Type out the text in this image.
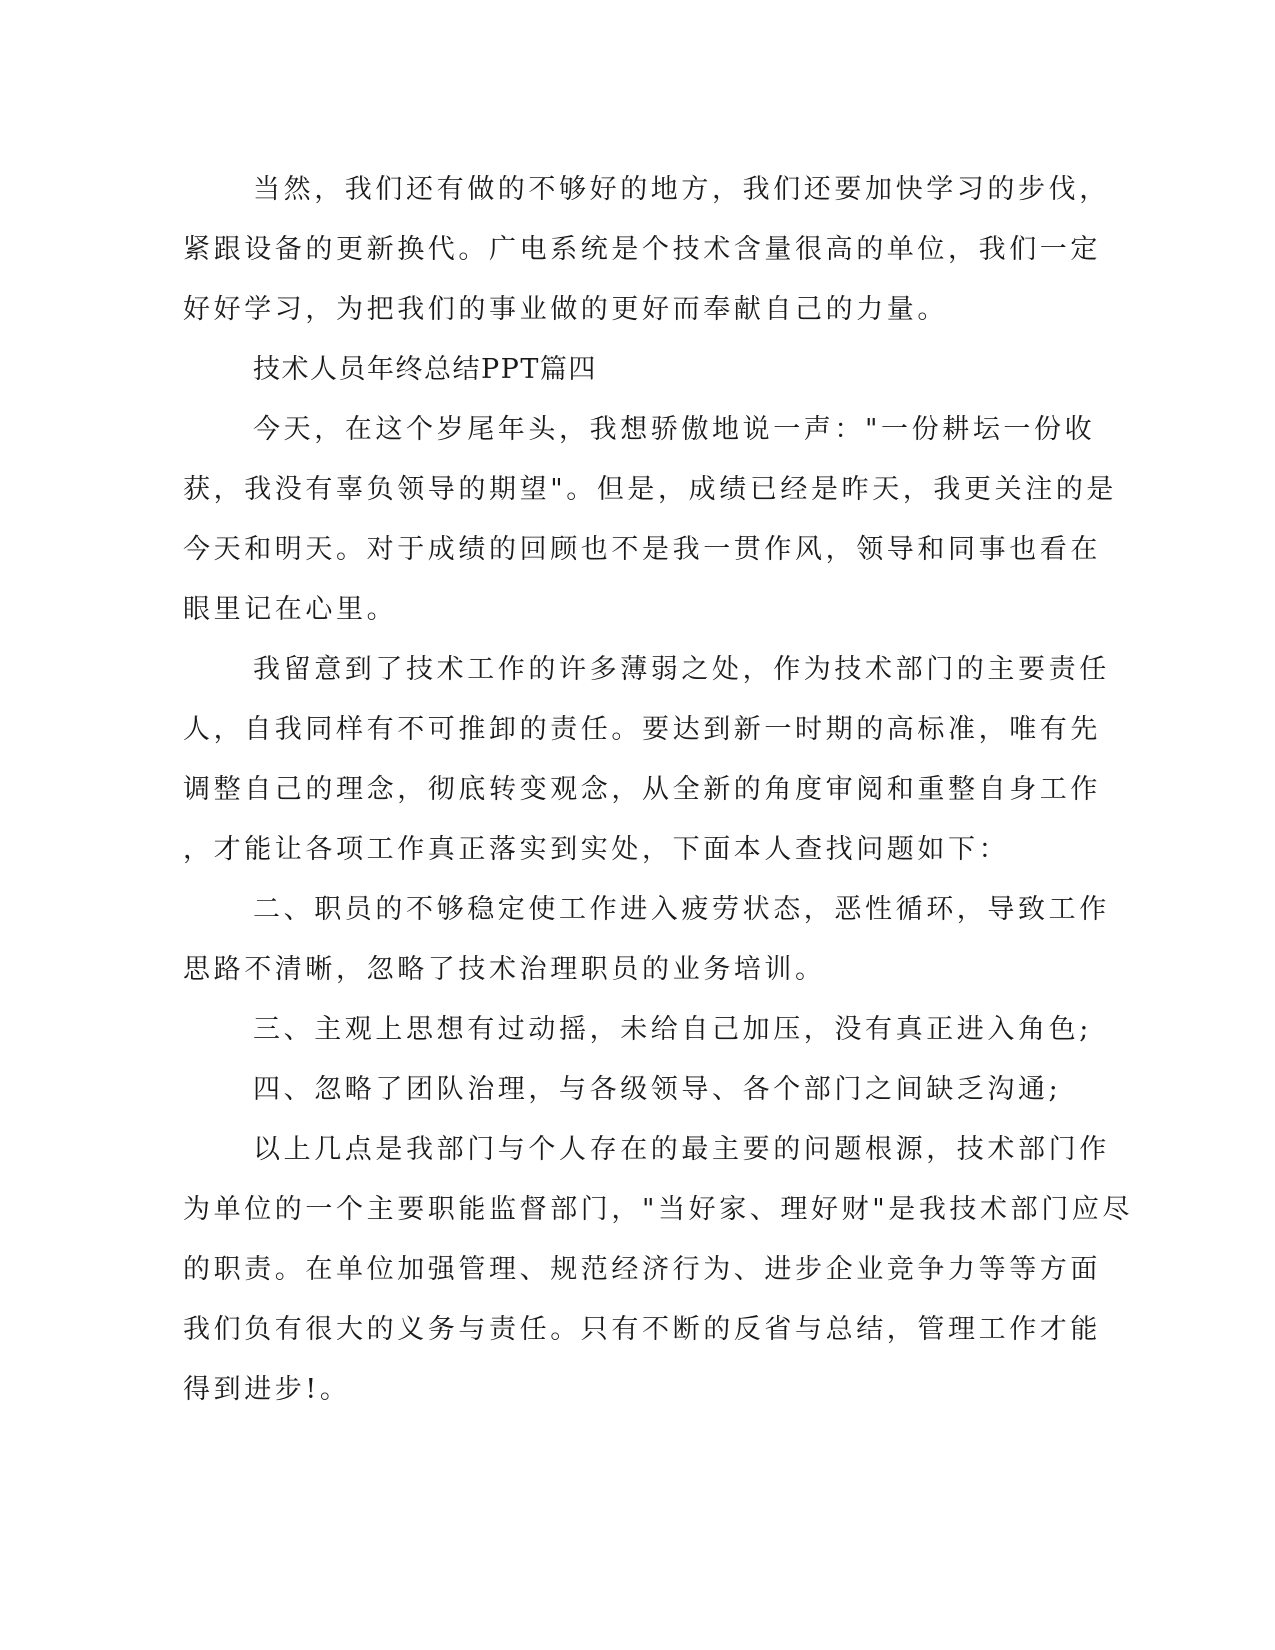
当然，我们还有做的不够好的地方，我们还要加快学习的步伐，
紧跟设备的更新换代。广电系统是个技术含量很高的单位，我们一定
好好学习，为把我们的事业做的更好而奉献自己的力量。

技术人员年终总结PPT篇四

今天，在这个岁尾年头，我想骄傲地说一声："一份耕坛一份收
获，我没有辜负领导的期望"。但是，成绩已经是昨天，我更关注的是
今天和明天。对于成绩的回顾也不是我一贯作风，领导和同事也看在
眼里记在心里。

我留意到了技术工作的许多薄弱之处，作为技术部门的主要责任
人，自我同样有不可推卸的责任。要达到新一时期的高标准，唯有先
调整自己的理念，彻底转变观念，从全新的角度审阅和重整自身工作
，才能让各项工作真正落实到实处，下面本人查找问题如下：

二、职员的不够稳定使工作进入疲劳状态，恶性循环，导致工作
思路不清晰，忽略了技术治理职员的业务培训。

三、主观上思想有过动摇，未给自己加压，没有真正进入角色;

四、忽略了团队治理，与各级领导、各个部门之间缺乏沟通;

以上几点是我部门与个人存在的最主要的问题根源，技术部门作
为单位的一个主要职能监督部门，"当好家、理好财"是我技术部门应尽
的职责。在单位加强管理、规范经济行为、进步企业竞争力等等方面
我们负有很大的义务与责任。只有不断的反省与总结，管理工作才能
得到进步!。
